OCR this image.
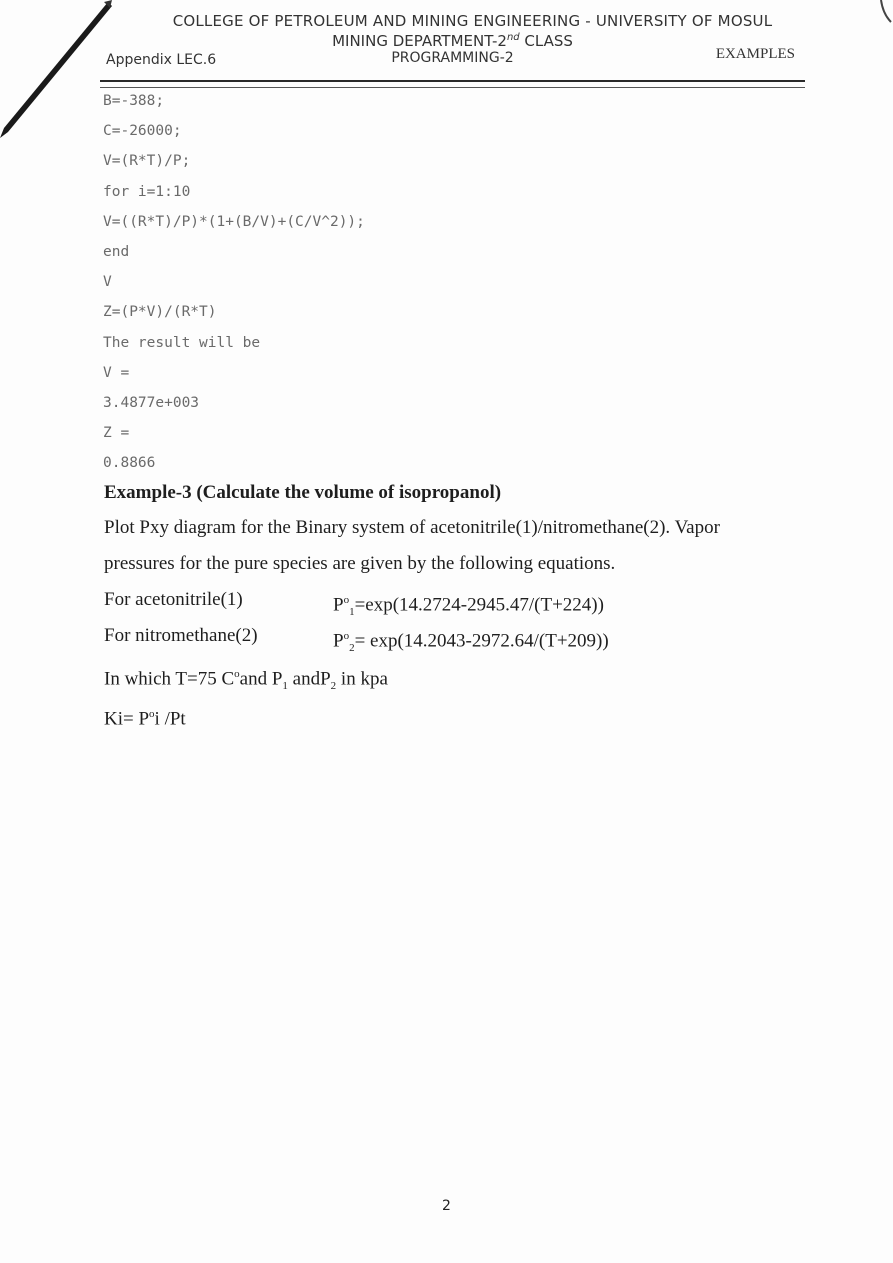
COLLEGE OF PETROLEUM AND MINING ENGINEERING - UNIVERSITY OF MOSUL
MINING DEPARTMENT-2nd CLASS
Appendix LEC.6	PROGRAMMING-2	EXAMPLES
B=-388;
C=-26000;
V=(R*T)/P;
for i=1:10
V=((R*T)/P)*(1+(B/V)+(C/V^2));
end
V
Z=(P*V)/(R*T)
The result will be
V =
3.4877e+003
Z =
0.8866
Example-3 (Calculate the volume of isopropanol)
Plot Pxy diagram for the Binary system of acetonitrile(1)/nitromethane(2). Vapor
pressures for the pure species are given by the following equations.
For acetonitrile(1)	$P^o_1=\exp(14.2724-2945.47/(T+224))$
For nitromethane(2)	$P^o_2= \exp(14.2043-2972.64/(T+209))$
In which T=75 $C^oand$ $P_1$ andP$_2$ in kpa
$Ki= P^oi$ /Pt
2
